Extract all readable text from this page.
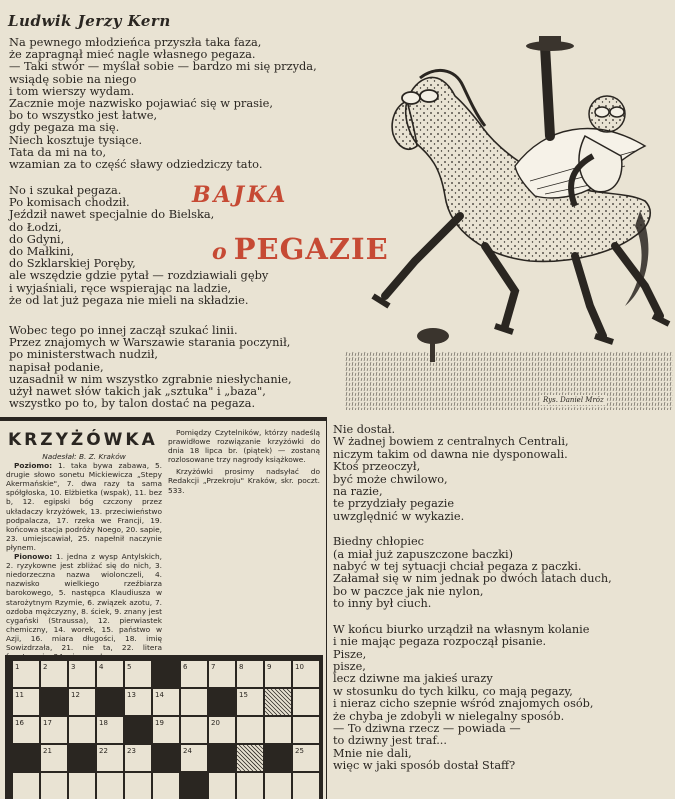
Ludwik Jerzy Kern
Na pewnego młodzieńca przyszła taka faza,
że zapragnął mieć nagle własnego pegaza.
— Taki stwór — myślał sobie — bardzo mi się przyda,
wsiądę sobie na niego
i tom wierszy wydam.
Zacznie moje nazwisko pojawiać się w prasie,
bo to wszystko jest łatwe,
gdy pegaza ma się.
Niech kosztuje tysiące.
Tata da mi na to,
wzamian za to część sławy odziedziczy tato.
No i szukał pegaza.
Po komisach chodził.
Jeździł nawet specjalnie do Bielska,
do Łodzi,
do Gdyni,
do Małkini,
do Szklarskiej Poręby,
ale wszędzie gdzie pytał — rozdziawiali gęby
i wyjaśniali, ręce wspierając na ladzie,
że od lat już pegaza nie mieli na składzie.
Wobec tego po innej zaczął szukać linii.
Przez znajomych w Warszawie starania poczynił,
po ministerstwach nudził,
napisał podanie,
uzasadnił w nim wszystko zgrabnie niesłychanie,
użył nawet słów takich jak „sztuka" i „baza",
wszystko po to, by talon dostać na pegaza.
BAJKA
o PEGAZIE
Rys. Daniel Mróz
KRZYŻÓWKA

Nadesłał: B. Z. Kraków

Poziomo: 1. taka bywa zabawa, 5. drugie słowo sonetu Mickiewicza „Stepy Akermańskie", 7. dwa razy ta sama spółgłoska, 10. Elżbietka (wspak), 11. bez b, 12. egipski bóg czczony przez układaczy krzyżówek, 13. przeciwieństwo podpalacza, 17. rzeka we Francji, 19. końcowa stacja podróży Noego, 20. sapie, 23. umiejscawiał, 25. napełnił naczynie płynem.

Pionowo: 1. jedna z wysp Antylskich, 2. ryzykowne jest zbliżać się do nich, 3. niedorzeczna nazwa wiolonczeli, 4. nazwisko wielkiego rzeźbiarza barokowego, 5. następca Klaudiusza w starożytnym Rzymie, 6. związek azotu, 7. ozdoba mężczyzny, 8. ściek, 9. znany jest cygański (Straussa), 12. pierwiastek chemiczny, 14. worek, 15. państwo w Azji, 16. miara długości, 18. imię Sowizdrzała, 21. nie ta, 22. litera fonetycznie, 24. nie przed.

Pomiędzy Czytelników, którzy nadeślą prawidłowe rozwiązanie krzyżówki do dnia 18 lipca br. (piątek) — zostaną rozlosowane trzy nagrody książkowe.

Krzyżówki prosimy nadsyłać do Redakcji „Przekroju" Kraków, skr. poczt. 533.

1	2	3	4	5	6	7	8	9	10
11	12	13	14	15
16	17	18	19	20
21	22	23	24	25
Nie dostał.
W żadnej bowiem z centralnych Centrali,
niczym takim od dawna nie dysponowali.
Ktoś przeoczył,
być może chwilowo,
na razie,
te przydziały pegazie
uwzględnić w wykazie.
Biedny chłopiec
(a miał już zapuszczone baczki)
nabyć w tej sytuacji chciał pegaza z paczki.
Załamał się w nim jednak po dwóch latach duch,
bo w paczce jak nie nylon,
to inny był ciuch.
W końcu biurko urządził na własnym kolanie
i nie mając pegaza rozpoczął pisanie.
Pisze,
pisze,
lecz dziwne ma jakieś urazy
w stosunku do tych kilku, co mają pegazy,
i nieraz cicho szepnie wśród znajomych osób,
że chyba je zdobyli w nielegalny sposób.
— To dziwna rzecz — powiada —
to dziwny jest traf...
Mnie nie dali,
więc w jaki sposób dostał Staff?
